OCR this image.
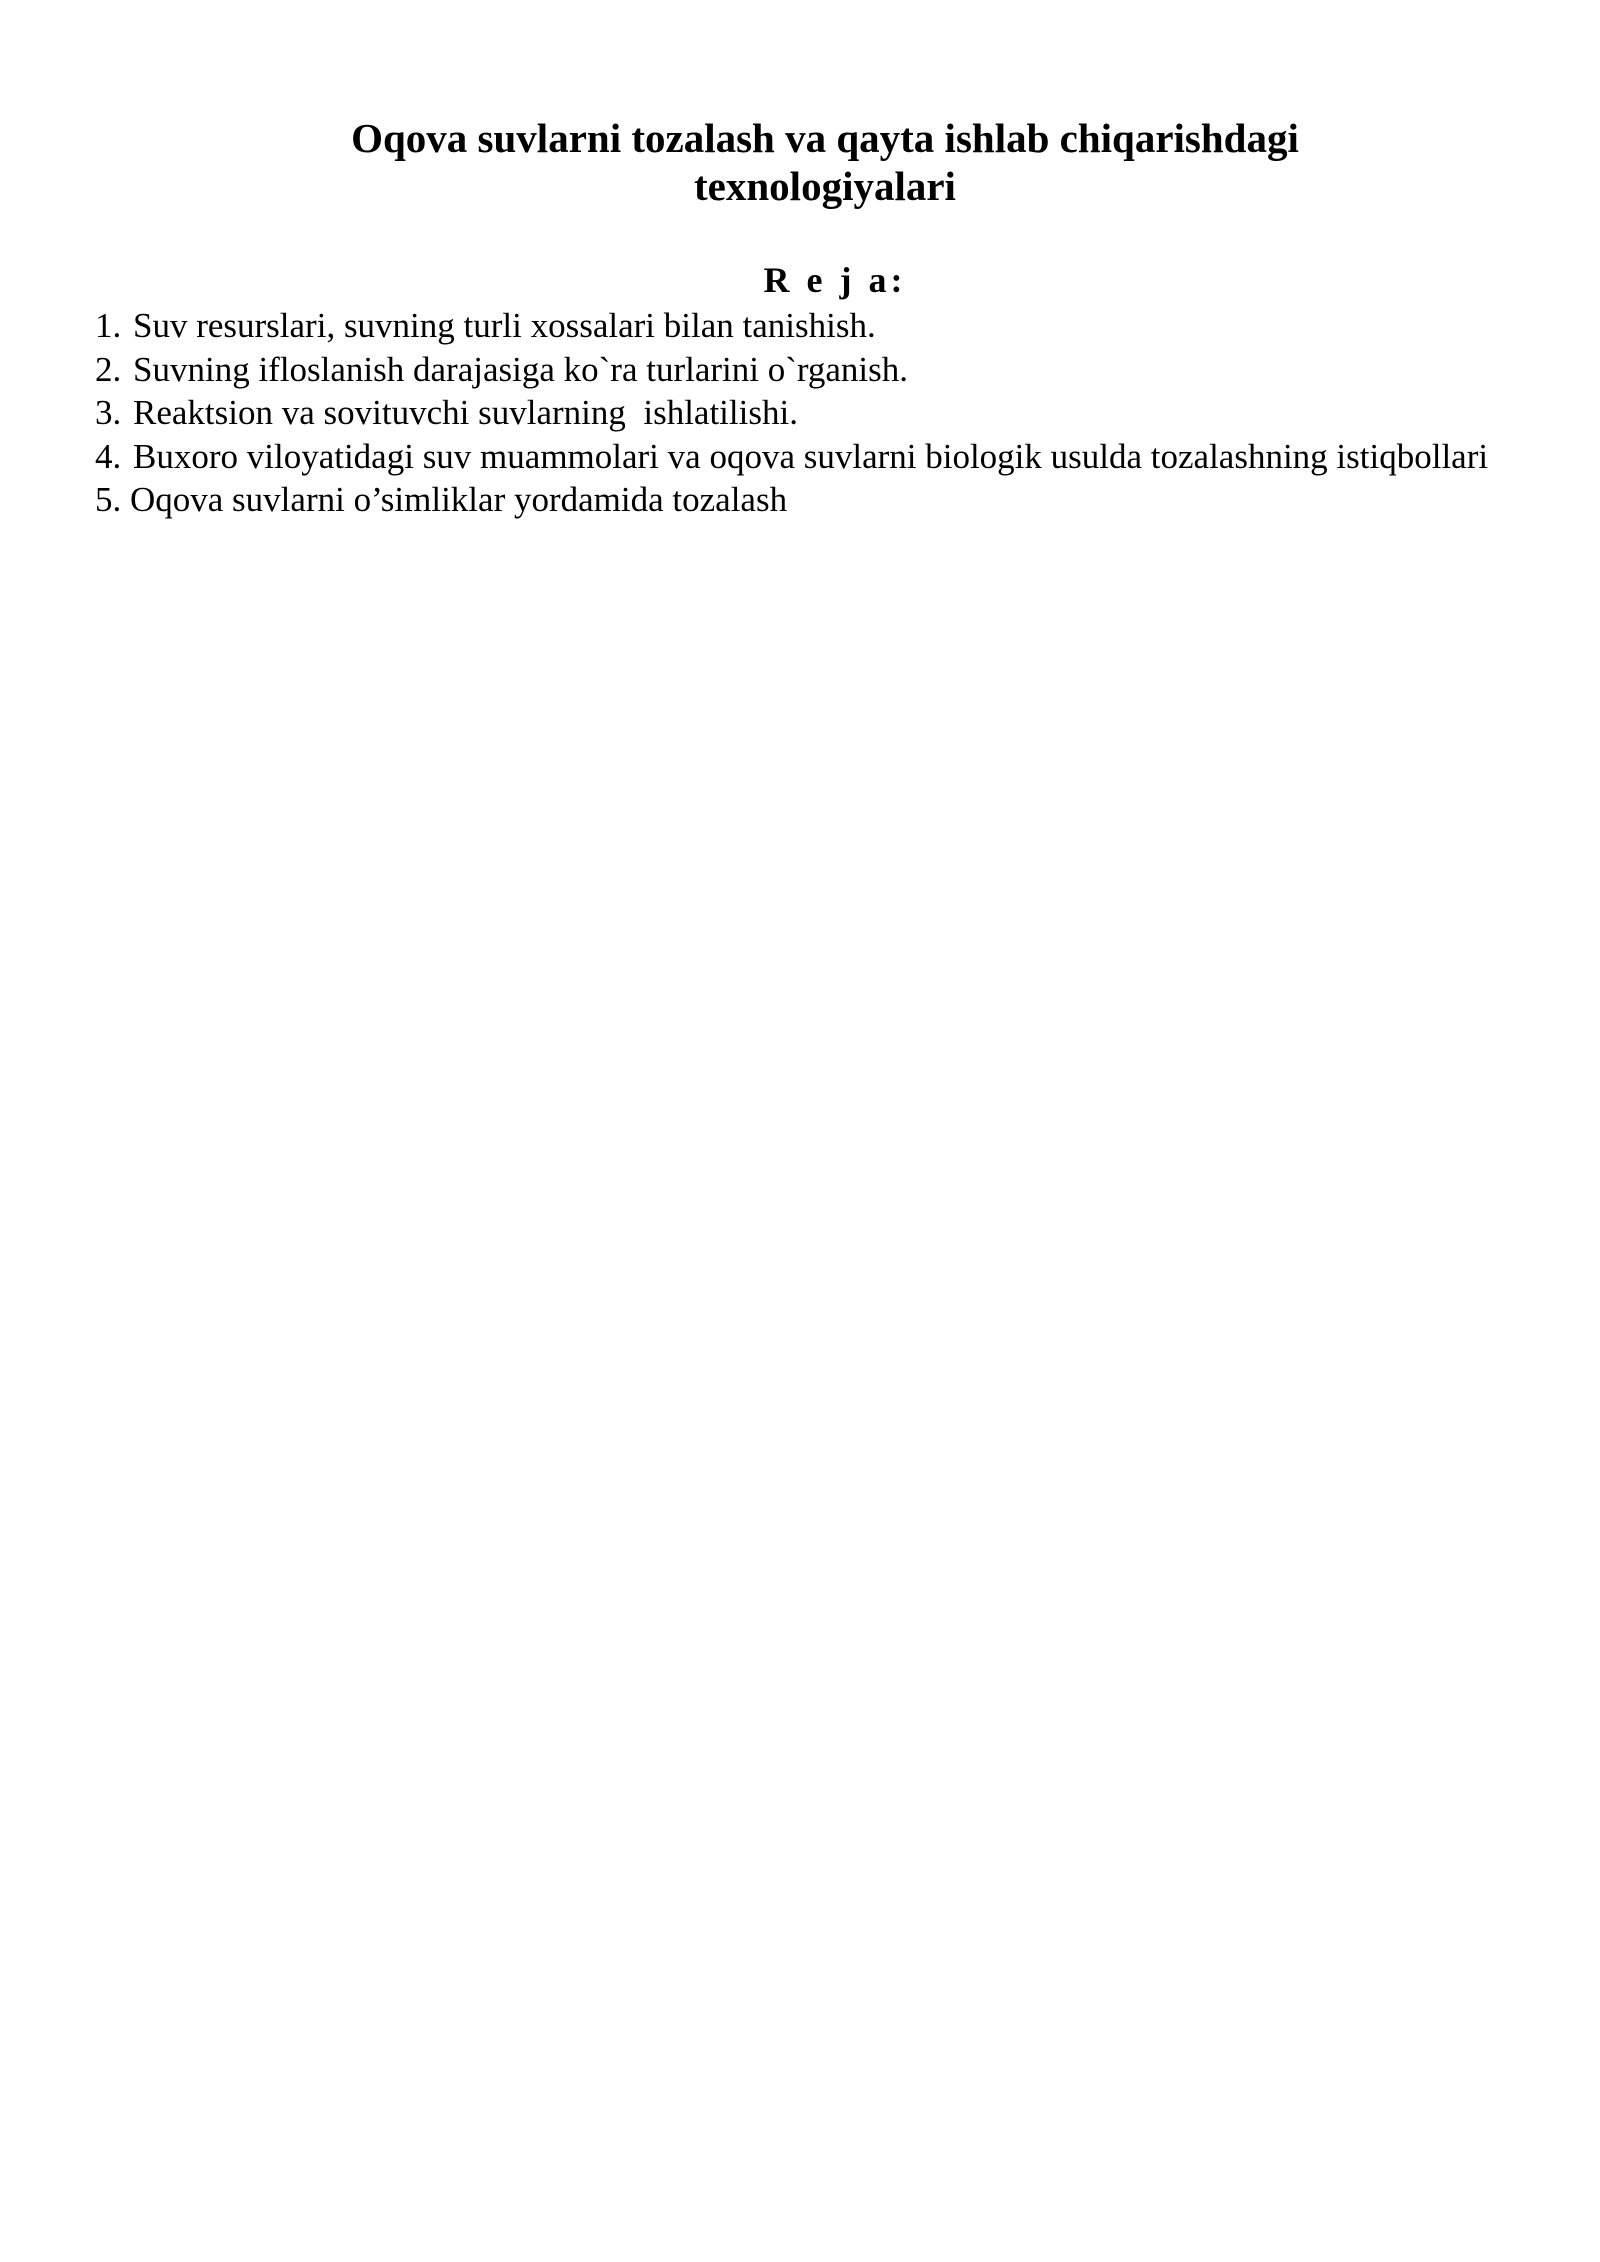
Oqova suvlarni tozalash va qayta ishlab chiqarishdagi texnologiyalari
R e j a:
1. Suv resurslari, suvning turli xossalari bilan tanishish.
2. Suvning ifloslanish darajasiga ko`ra turlarini o`rganish.
3. Reaktsion va sovituvchi suvlarning  ishlatilishi.
4. Buxoro viloyatidagi suv muammolari va oqova suvlarni biologik usulda tozalashning istiqbollari
5. Oqova suvlarni o’simliklar yordamida tozalash
